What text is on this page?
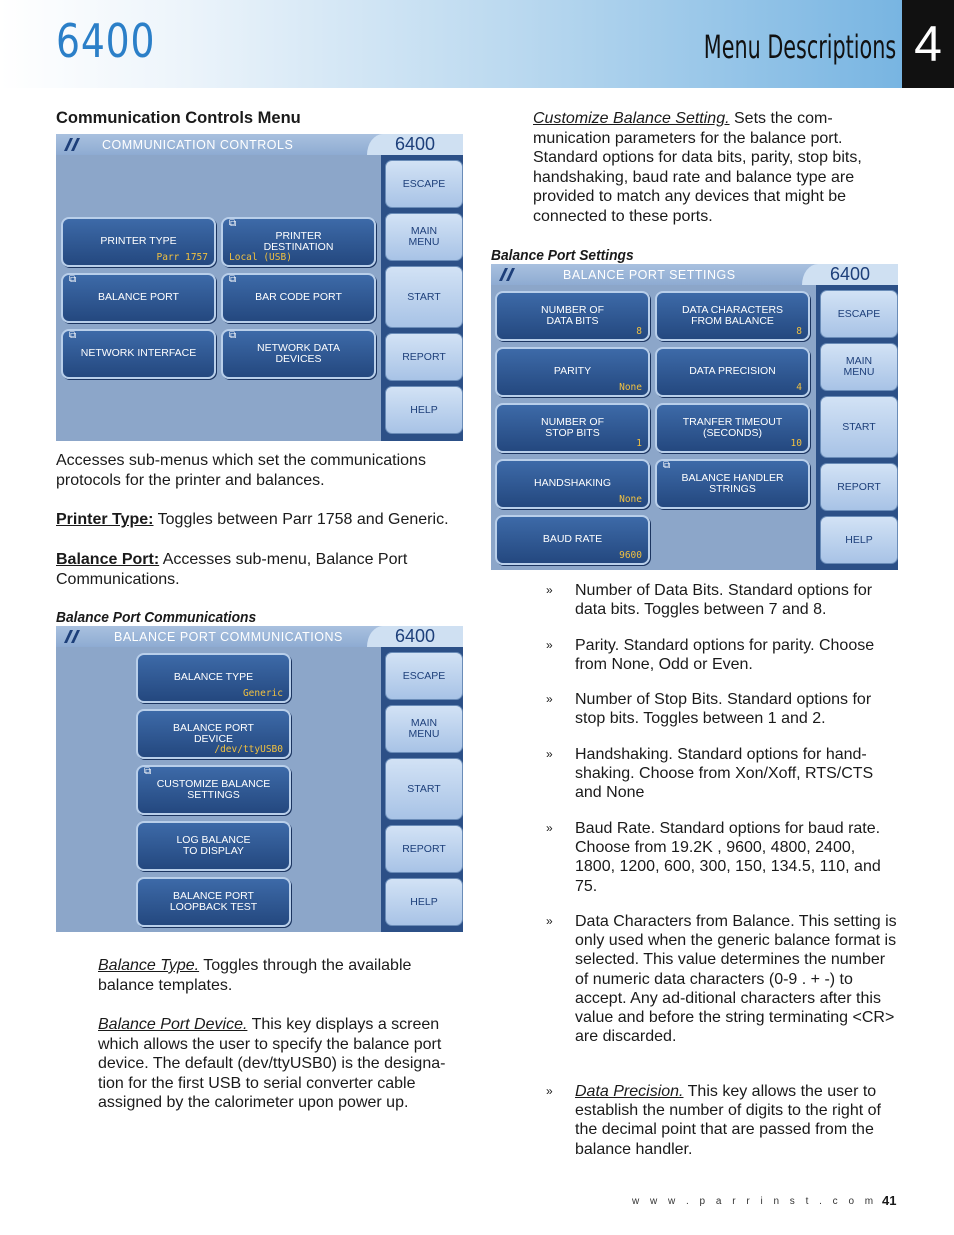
6400	Menu Descriptions 4
Communication Controls Menu
COMMUNICATION CONTROLS	6400
ESCAPE
MAIN
MENU
START
REPORT
HELP
PRINTER TYPE
Parr 1757
⧉
PRINTER
DESTINATION
Local (USB)
⧉
BALANCE PORT
⧉
BAR CODE PORT
⧉
NETWORK INTERFACE
⧉
NETWORK DATA
DEVICES
Accesses sub-menus which set the communications protocols for the printer and balances.
Printer Type: Toggles between Parr 1758 and Generic.
Balance Port: Accesses sub-menu, Balance Port Communications.
Balance Port Communications
BALANCE PORT COMMUNICATIONS	6400
ESCAPE
MAIN
MENU
START
REPORT
HELP
BALANCE TYPE
Generic
BALANCE PORT
DEVICE
/dev/ttyUSB0
⧉
CUSTOMIZE BALANCE
SETTINGS
LOG BALANCE
TO DISPLAY
BALANCE PORT
LOOPBACK TEST
Balance Type. Toggles through the available balance templates.
Balance Port Device. This key displays a screen which allows the user to specify the balance port device. The default (dev/ttyUSB0) is the designa-tion for the first USB to serial converter cable assigned by the calorimeter upon power up.
Customize Balance Setting. Sets the com-munication parameters for the balance port. Standard options for data bits, parity, stop bits, handshaking, baud rate and balance type are provided to match any devices that might be connected to these ports.
Balance Port Settings
BALANCE PORT SETTINGS	6400
ESCAPE
MAIN
MENU
START
REPORT
HELP
NUMBER OF
DATA BITS
8
DATA CHARACTERS
FROM BALANCE
8
PARITY
None
DATA PRECISION
4
NUMBER OF
STOP BITS
1
TRANFER TIMEOUT
(SECONDS)
10
HANDSHAKING
None
⧉
BALANCE HANDLER
STRINGS
BAUD RATE
9600
» Number of Data Bits. Standard options for data bits. Toggles between 7 and 8.
» Parity. Standard options for parity. Choose from None, Odd or Even.
» Number of Stop Bits. Standard options for stop bits. Toggles between 1 and 2.
» Handshaking. Standard options for hand-shaking. Choose from Xon/Xoff, RTS/CTS and None
» Baud Rate. Standard options for baud rate. Choose from 19.2K , 9600, 4800, 2400, 1800, 1200, 600, 300, 150, 134.5, 110, and 75.
» Data Characters from Balance. This setting is only used when the generic balance format is selected. This value determines the number of numeric data characters (0-9 . + -) to accept. Any ad-ditional characters after this value and before the string terminating <CR> are discarded.
» Data Precision. This key allows the user to establish the number of digits to the right of the decimal point that are passed from the balance handler.
w w w . p a r r i n s t . c o m 41
